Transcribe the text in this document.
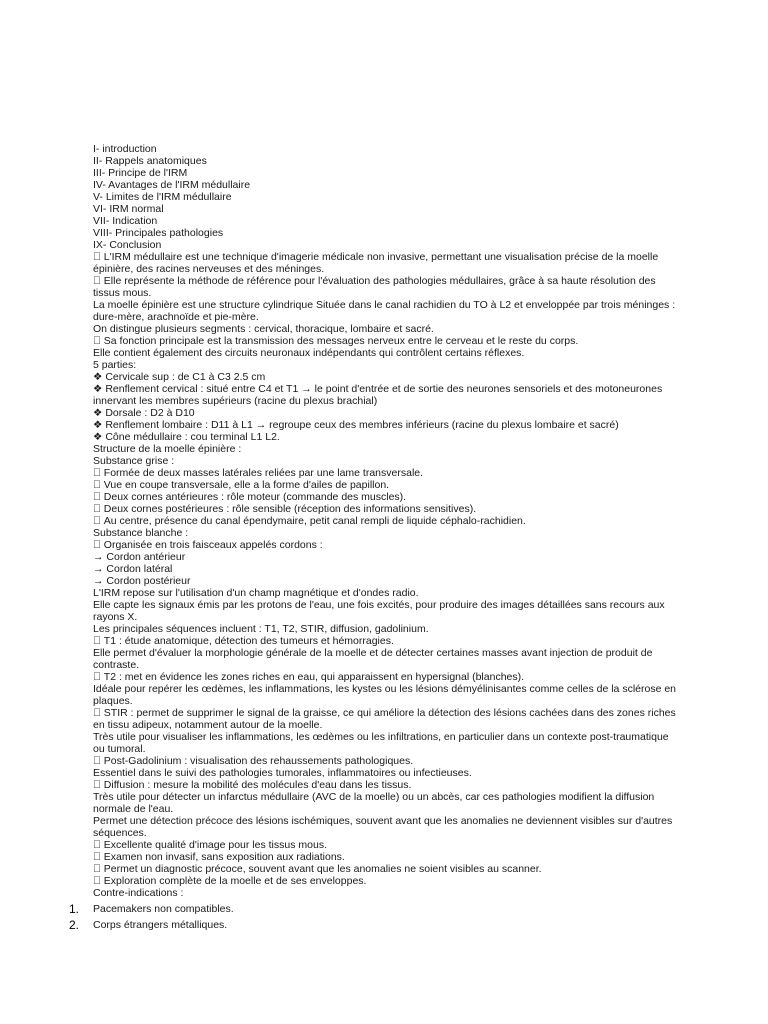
I- introduction
II- Rappels anatomiques
III- Principe de l'IRM
IV- Avantages de l'IRM médullaire
V- Limites de l'IRM médullaire
VI- IRM normal
VII- Indication
VIII- Principales pathologies
IX- Conclusion
L'IRM médullaire est une technique d'imagerie médicale non invasive, permettant une visualisation précise de la moelle épinière, des racines nerveuses et des méninges.
Elle représente la méthode de référence pour l'évaluation des pathologies médullaires, grâce à sa haute résolution des tissus mous.
La moelle épinière est une structure cylindrique Située dans le canal rachidien du TO à L2 et enveloppée par trois méninges : dure-mère, arachnoïde et pie-mère.
On distingue plusieurs segments : cervical, thoracique, lombaire et sacré.
Sa fonction principale est la transmission des messages nerveux entre le cerveau et le reste du corps.
Elle contient également des circuits neuronaux indépendants qui contrôlent certains réflexes.
5 parties:
❖ Cervicale sup : de C1 à C3 2.5 cm
❖ Renflement cervical : situé entre C4 et T1 → le point d'entrée et de sortie des neurones sensoriels et des motoneurones innervant les membres supérieurs (racine du plexus brachial)
❖ Dorsale : D2 à D10
❖ Renflement lombaire : D11 à L1 → regroupe ceux des membres inférieurs (racine du plexus lombaire et sacré)
❖ Cône médullaire : cou terminal L1 L2.
Structure de la moelle épinière :
Substance grise :
Formée de deux masses latérales reliées par une lame transversale.
Vue en coupe transversale, elle a la forme d'ailes de papillon.
Deux cornes antérieures : rôle moteur (commande des muscles).
Deux cornes postérieures : rôle sensible (réception des informations sensitives).
Au centre, présence du canal épendymaire, petit canal rempli de liquide céphalo-rachidien.
Substance blanche :
Organisée en trois faisceaux appelés cordons :
→ Cordon antérieur
→ Cordon latéral
→ Cordon postérieur
L'IRM repose sur l'utilisation d'un champ magnétique et d'ondes radio.
Elle capte les signaux émis par les protons de l'eau, une fois excités, pour produire des images détaillées sans recours aux rayons X.
Les principales séquences incluent : T1, T2, STIR, diffusion, gadolinium.
T1 : étude anatomique, détection des tumeurs et hémorragies.
Elle permet d'évaluer la morphologie générale de la moelle et de détecter certaines masses avant injection de produit de contraste.
T2 : met en évidence les zones riches en eau, qui apparaissent en hypersignal (blanches).
Idéale pour repérer les œdèmes, les inflammations, les kystes ou les lésions démyélinisantes comme celles de la sclérose en plaques.
STIR : permet de supprimer le signal de la graisse, ce qui améliore la détection des lésions cachées dans des zones riches en tissu adipeux, notamment autour de la moelle.
Très utile pour visualiser les inflammations, les œdèmes ou les infiltrations, en particulier dans un contexte post-traumatique ou tumoral.
Post-Gadolinium : visualisation des rehaussements pathologiques.
Essentiel dans le suivi des pathologies tumorales, inflammatoires ou infectieuses.
Diffusion : mesure la mobilité des molécules d'eau dans les tissus.
Très utile pour détecter un infarctus médullaire (AVC de la moelle) ou un abcès, car ces pathologies modifient la diffusion normale de l'eau.
Permet une détection précoce des lésions ischémiques, souvent avant que les anomalies ne deviennent visibles sur d'autres séquences.
Excellente qualité d'image pour les tissus mous.
Examen non invasif, sans exposition aux radiations.
Permet un diagnostic précoce, souvent avant que les anomalies ne soient visibles au scanner.
Exploration complète de la moelle et de ses enveloppes.
Contre-indications :
1.	Pacemakers non compatibles.
2.	Corps étrangers métalliques.
